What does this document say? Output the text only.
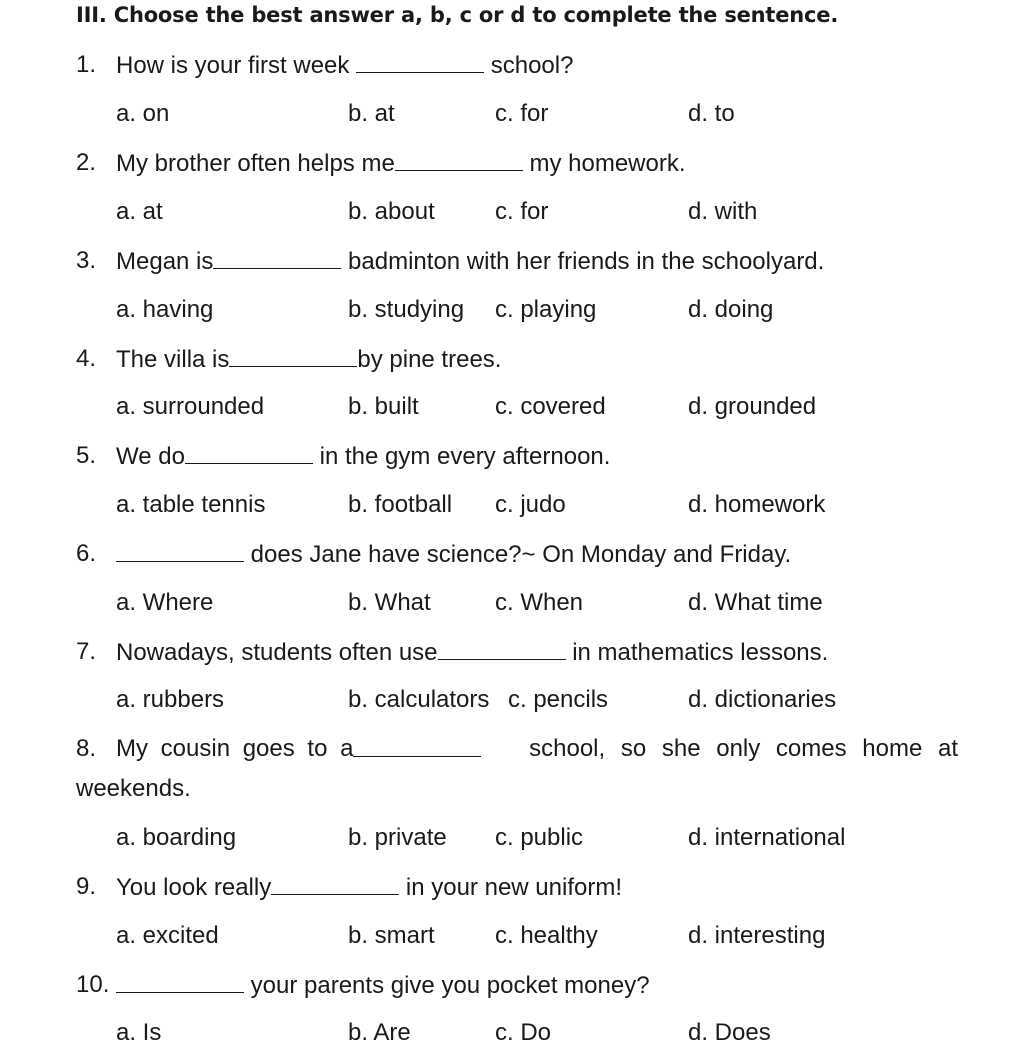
III. Choose the best answer a, b, c or d to complete the sentence.
1. How is your first week	school?
a. on	b. at	c. for	d. to
2. My brother often helps me	my homework.
a. at	b. about	c. for	d. with
3. Megan is	badminton with her friends in the schoolyard.
a. having	b. studying c. playing	d. doing
4. The villa is	by pine trees.
a. surrounded	b. built	c. covered	d. grounded
5. We do	in the gym every afternoon.
a. table tennis	b. football c. judo	d. homework
6.	does Jane have science?~ On Monday and Friday.
a. Where	b. What	c. When	d. What time
7. Nowadays, students often use	in mathematics lessons.
a. rubbers	b. calculators c. pencils	d. dictionaries
8. My cousin goes to a	school, so she only comes home at
weekends.
a. boarding	b. private c. public	d. international
9. You look really	in your new uniform!
a. excited	b. smart	c. healthy	d. interesting
10.	your parents give you pocket money?
a. Is	b. Are	c. Do	d. Does
